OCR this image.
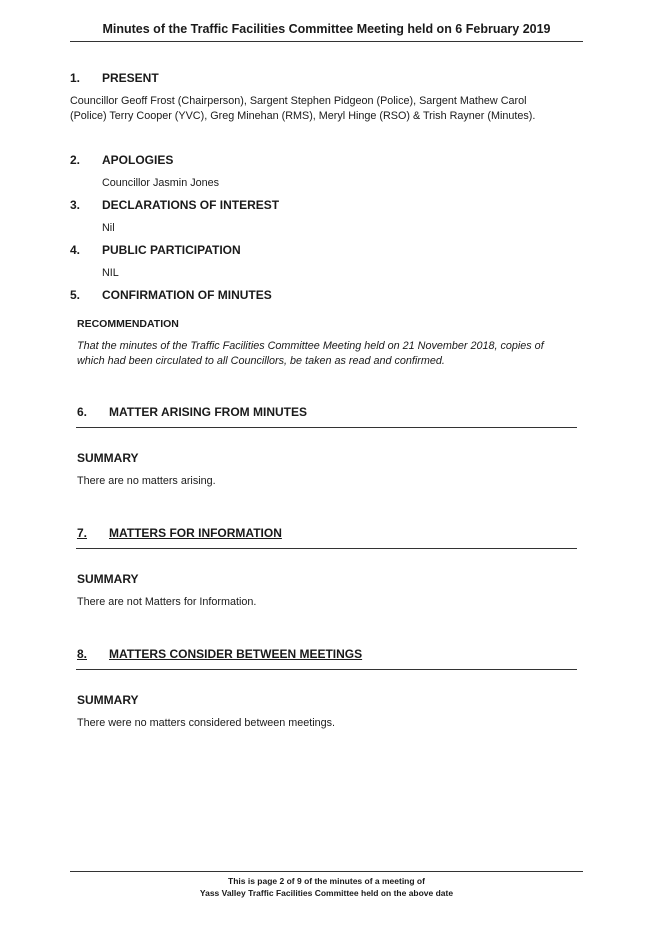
Minutes of the Traffic Facilities Committee Meeting held on 6 February 2019
1. PRESENT
Councillor Geoff Frost (Chairperson), Sargent Stephen Pidgeon (Police), Sargent Mathew Carol
(Police) Terry Cooper (YVC), Greg Minehan (RMS), Meryl Hinge (RSO) & Trish Rayner (Minutes).
2. APOLOGIES
Councillor Jasmin Jones
3. DECLARATIONS OF INTEREST
Nil
4. PUBLIC PARTICIPATION
NIL
5. CONFIRMATION OF MINUTES
RECOMMENDATION
That the minutes of the Traffic Facilities Committee Meeting held on 21 November 2018, copies of
which had been circulated to all Councillors, be taken as read and confirmed.
6. MATTER ARISING FROM MINUTES
SUMMARY
There are no matters arising.
7.	MATTERS FOR INFORMATION
SUMMARY
There are not Matters for Information.
8.	MATTERS CONSIDER BETWEEN MEETINGS
SUMMARY
There were no matters considered between meetings.
This is page 2 of 9 of the minutes of a meeting of
Yass Valley Traffic Facilities Committee held on the above date
